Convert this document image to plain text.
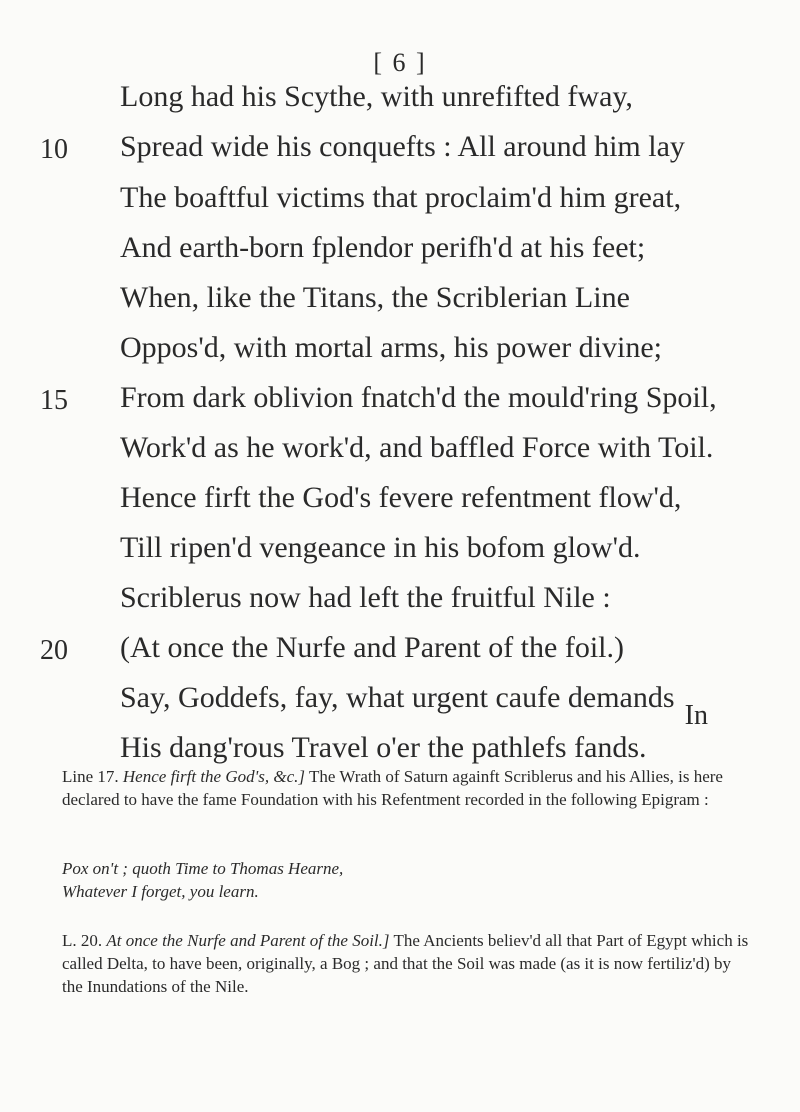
[ 6 ]
Long had his Scythe, with unrefifted fway,
10 Spread wide his conquefts : All around him lay
The boaftful victims that proclaim'd him great,
And earth-born fplendor perifh'd at his feet;
When, like the Titans, the Scriblerian Line
Oppos'd, with mortal arms, his power divine;
15 From dark oblivion fnatch'd the mould'ring Spoil,
Work'd as he work'd, and baffled Force with Toil.
Hence firft the God's fevere refentment flow'd,
Till ripen'd vengeance in his bofom glow'd.
Scriblerus now had left the fruitful Nile :
20 (At once the Nurfe and Parent of the foil.)
Say, Goddefs, fay, what urgent caufe demands
His dang'rous Travel o'er the pathlefs fands.
In

Line 17. Hence firft the God's, &c.] The Wrath of Saturn againft Scriblerus and his Allies, is here declared to have the fame Foundation with his Refentment recorded in the following Epigram :

Pox on't ; quoth Time to Thomas Hearne,

Whatever I forget, you learn.

L. 20. At once the Nurfe and Parent of the Soil.] The Ancients believ'd all that Part of Egypt which is called Delta, to have been, originally, a Bog ; and that the Soil was made (as it is now fertiliz'd) by the Inundations of the Nile.
